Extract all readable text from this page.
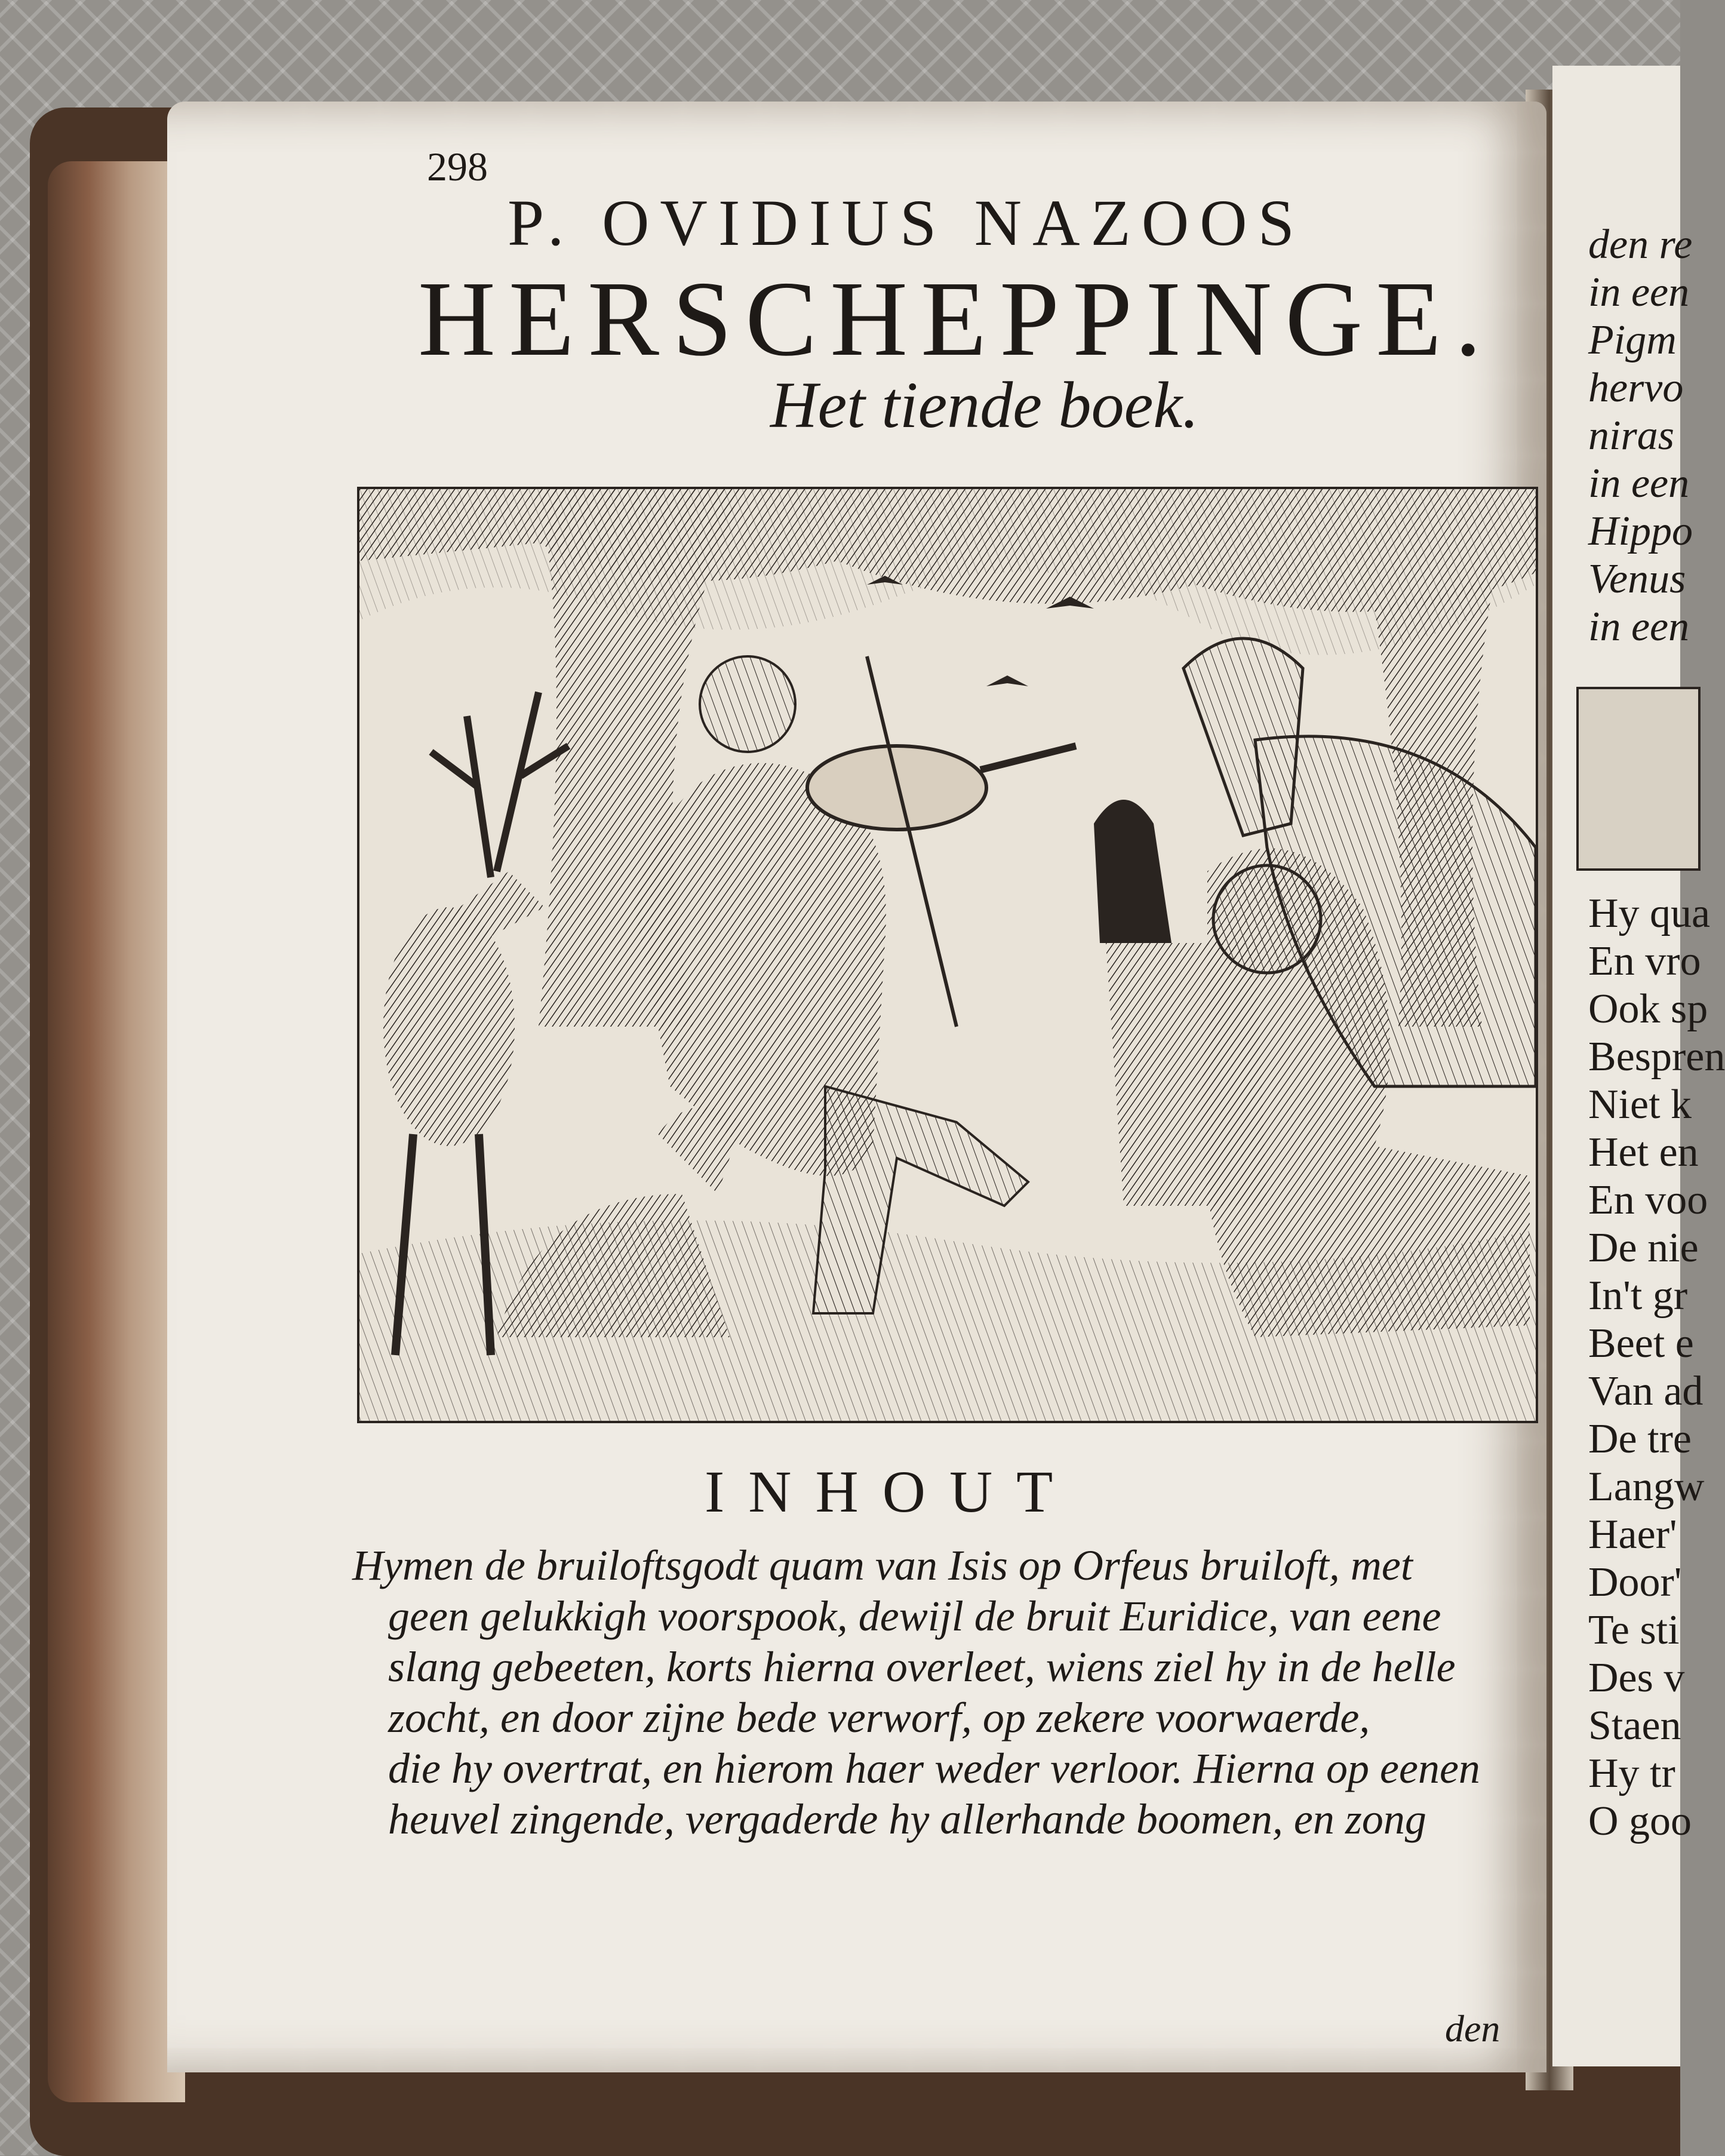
298
P. OVIDIUS NAZOOS
HERSCHEPPINGE.
Het tiende boek.
INHOUT
Hymen de bruiloftsgodt quam van Isis op Orfeus bruiloft, met
geen gelukkigh voorspook, dewijl de bruit Euridice, van eene
slang gebeeten, korts hierna overleet, wiens ziel hy in de helle
zocht, en door zijne bede verworf, op zekere voorwaerde,
die hy overtrat, en hierom haer weder verloor. Hierna op eenen
heuvel zingende, vergaderde hy allerhande boomen, en zong
den
den re
in een
Pigm
hervo
niras
in een
Hippo
Venus
in een
Hy qua
En vro
Ook sp
Bespren
Niet k
Het en
En voo
De nie
In't gr
Beet e
Van ad
De tre
Langw
Haer'
Door'
Te sti
Des v
Staen
Hy tr
O goo
